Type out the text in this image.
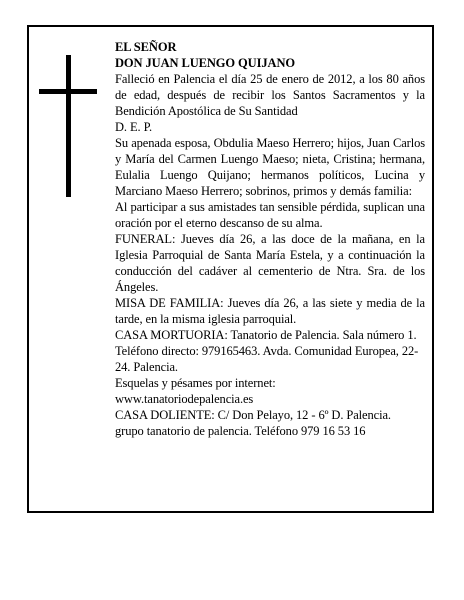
EL SEÑOR

DON JUAN LUENGO QUIJANO

Falleció en Palencia el día 25 de enero de 2012, a los 80 años de edad, después de recibir los Santos Sacramentos y la Bendición Apostólica de Su Santidad

D. E. P.

Su apenada esposa, Obdulia Maeso Herrero; hijos, Juan Carlos y María del Carmen Luengo Maeso; nieta, Cristina; hermana, Eulalia Luengo Quijano; hermanos políticos, Lucina y Marciano Maeso Herrero; sobrinos, primos y demás familia:

Al participar a sus amistades tan sensible pérdida, suplican una oración por el eterno descanso de su alma.

FUNERAL: Jueves día 26, a las doce de la mañana, en la Iglesia Parroquial de Santa María Estela, y a continuación la conducción del cadáver al cementerio de Ntra. Sra. de los Ángeles.

MISA DE FAMILIA: Jueves día 26, a las siete y media de la tarde, en la misma iglesia parroquial.

CASA MORTUORIA: Tanatorio de Palencia. Sala número 1. Teléfono directo: 979165463. Avda. Comunidad Europea, 22-24. Palencia.

Esquelas y pésames por internet:

www.tanatoriodepalencia.es

CASA DOLIENTE: C/ Don Pelayo, 12 - 6º D. Palencia.

grupo tanatorio de palencia. Teléfono 979 16 53 16
